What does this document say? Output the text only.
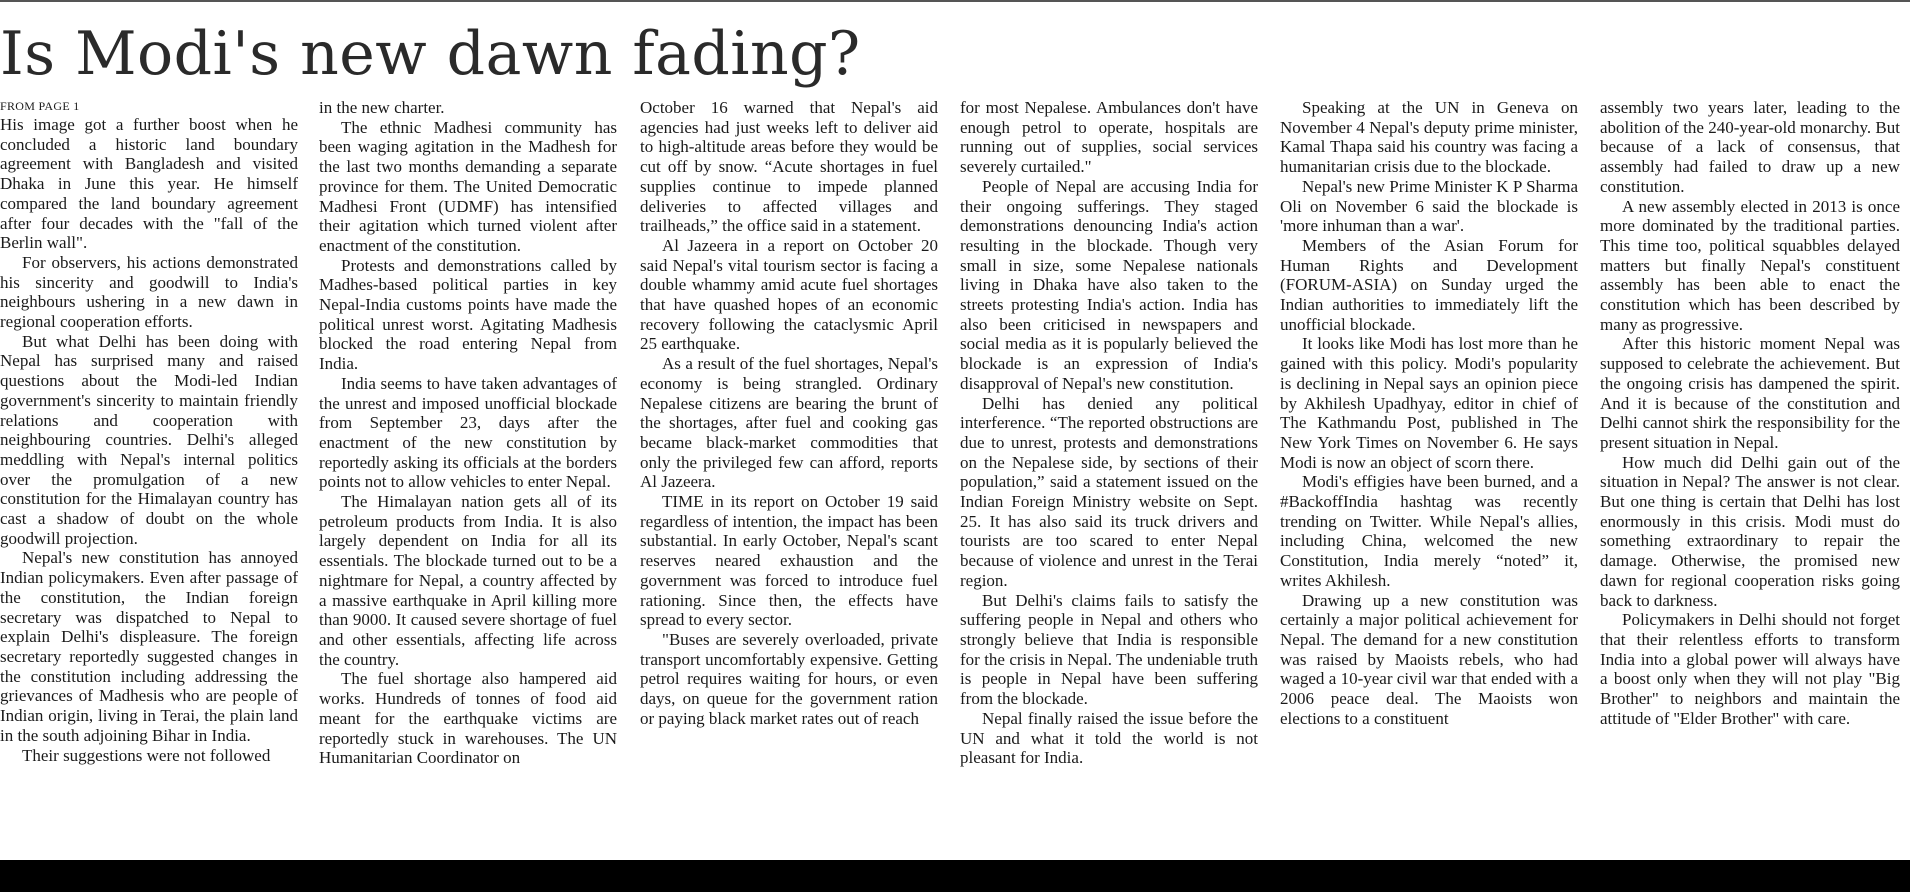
Is Modi's new dawn fading?
FROM PAGE 1

His image got a further boost when he concluded a historic land boundary agreement with Bangladesh and visited Dhaka in June this year. He himself compared the land boundary agreement after four decades with the "fall of the Berlin wall".

For observers, his actions demonstrated his sincerity and goodwill to India's neighbours ushering in a new dawn in regional cooperation efforts.

But what Delhi has been doing with Nepal has surprised many and raised questions about the Modi-led Indian government's sincerity to maintain friendly relations and cooperation with neighbouring countries. Delhi's alleged meddling with Nepal's internal politics over the promulgation of a new constitution for the Himalayan country has cast a shadow of doubt on the whole goodwill projection.

Nepal's new constitution has annoyed Indian policymakers. Even after passage of the constitution, the Indian foreign secretary was dispatched to Nepal to explain Delhi's displeasure. The foreign secretary reportedly suggested changes in the constitution including addressing the grievances of Madhesis who are people of Indian origin, living in Terai, the plain land in the south adjoining Bihar in India.

Their suggestions were not followed

in the new charter.

The ethnic Madhesi community has been waging agitation in the Madhesh for the last two months demanding a separate province for them. The United Democratic Madhesi Front (UDMF) has intensified their agitation which turned violent after enactment of the constitution.

Protests and demonstrations called by Madhes-based political parties in key Nepal-India customs points have made the political unrest worst. Agitating Madhesis blocked the road entering Nepal from India.

India seems to have taken advantages of the unrest and imposed unofficial blockade from September 23, days after the enactment of the new constitution by reportedly asking its officials at the borders points not to allow vehicles to enter Nepal.

The Himalayan nation gets all of its petroleum products from India. It is also largely dependent on India for all its essentials. The blockade turned out to be a nightmare for Nepal, a country affected by a massive earthquake in April killing more than 9000. It caused severe shortage of fuel and other essentials, affecting life across the country.

The fuel shortage also hampered aid works. Hundreds of tonnes of food aid meant for the earthquake victims are reportedly stuck in warehouses. The UN Humanitarian Coordinator on

October 16 warned that Nepal's aid agencies had just weeks left to deliver aid to high-altitude areas before they would be cut off by snow. “Acute shortages in fuel supplies continue to impede planned deliveries to affected villages and trailheads,” the office said in a statement.

Al Jazeera in a report on October 20 said Nepal's vital tourism sector is facing a double whammy amid acute fuel shortages that have quashed hopes of an economic recovery following the cataclysmic April 25 earthquake.

As a result of the fuel shortages, Nepal's economy is being strangled. Ordinary Nepalese citizens are bearing the brunt of the shortages, after fuel and cooking gas became black-market commodities that only the privileged few can afford, reports Al Jazeera.

TIME in its report on October 19 said regardless of intention, the impact has been substantial. In early October, Nepal's scant reserves neared exhaustion and the government was forced to introduce fuel rationing. Since then, the effects have spread to every sector.

"Buses are severely overloaded, private transport uncomfortably expensive. Getting petrol requires waiting for hours, or even days, on queue for the government ration or paying black market rates out of reach

for most Nepalese. Ambulances don't have enough petrol to operate, hospitals are running out of supplies, social services severely curtailed."

People of Nepal are accusing India for their ongoing sufferings. They staged demonstrations denouncing India's action resulting in the blockade. Though very small in size, some Nepalese nationals living in Dhaka have also taken to the streets protesting India's action. India has also been criticised in newspapers and social media as it is popularly believed the blockade is an expression of India's disapproval of Nepal's new constitution.

Delhi has denied any political interference. “The reported obstructions are due to unrest, protests and demonstrations on the Nepalese side, by sections of their population,” said a statement issued on the Indian Foreign Ministry website on Sept. 25. It has also said its truck drivers and tourists are too scared to enter Nepal because of violence and unrest in the Terai region.

But Delhi's claims fails to satisfy the suffering people in Nepal and others who strongly believe that India is responsible for the crisis in Nepal. The undeniable truth is people in Nepal have been suffering from the blockade.

Nepal finally raised the issue before the UN and what it told the world is not pleasant for India.

Speaking at the UN in Geneva on November 4 Nepal's deputy prime minister, Kamal Thapa said his country was facing a humanitarian crisis due to the blockade.

Nepal's new Prime Minister K P Sharma Oli on November 6 said the blockade is 'more inhuman than a war'.

Members of the Asian Forum for Human Rights and Development (FORUM-ASIA) on Sunday urged the Indian authorities to immediately lift the unofficial blockade.

It looks like Modi has lost more than he gained with this policy. Modi's popularity is declining in Nepal says an opinion piece by Akhilesh Upadhyay, editor in chief of The Kathmandu Post, published in The New York Times on November 6. He says Modi is now an object of scorn there.

Modi's effigies have been burned, and a #BackoffIndia hashtag was recently trending on Twitter. While Nepal's allies, including China, welcomed the new Constitution, India merely “noted” it, writes Akhilesh.

Drawing up a new constitution was certainly a major political achievement for Nepal. The demand for a new constitution was raised by Maoists rebels, who had waged a 10-year civil war that ended with a 2006 peace deal. The Maoists won elections to a constituent

assembly two years later, leading to the abolition of the 240-year-old monarchy. But because of a lack of consensus, that assembly had failed to draw up a new constitution.

A new assembly elected in 2013 is once more dominated by the traditional parties. This time too, political squabbles delayed matters but finally Nepal's constituent assembly has been able to enact the constitution which has been described by many as progressive.

After this historic moment Nepal was supposed to celebrate the achievement. But the ongoing crisis has dampened the spirit. And it is because of the constitution and Delhi cannot shirk the responsibility for the present situation in Nepal.

How much did Delhi gain out of the situation in Nepal? The answer is not clear. But one thing is certain that Delhi has lost enormously in this crisis. Modi must do something extraordinary to repair the damage. Otherwise, the promised new dawn for regional cooperation risks going back to darkness.

Policymakers in Delhi should not forget that their relentless efforts to transform India into a global power will always have a boost only when they will not play "Big Brother" to neighbors and maintain the attitude of ''Elder Brother'' with care.
